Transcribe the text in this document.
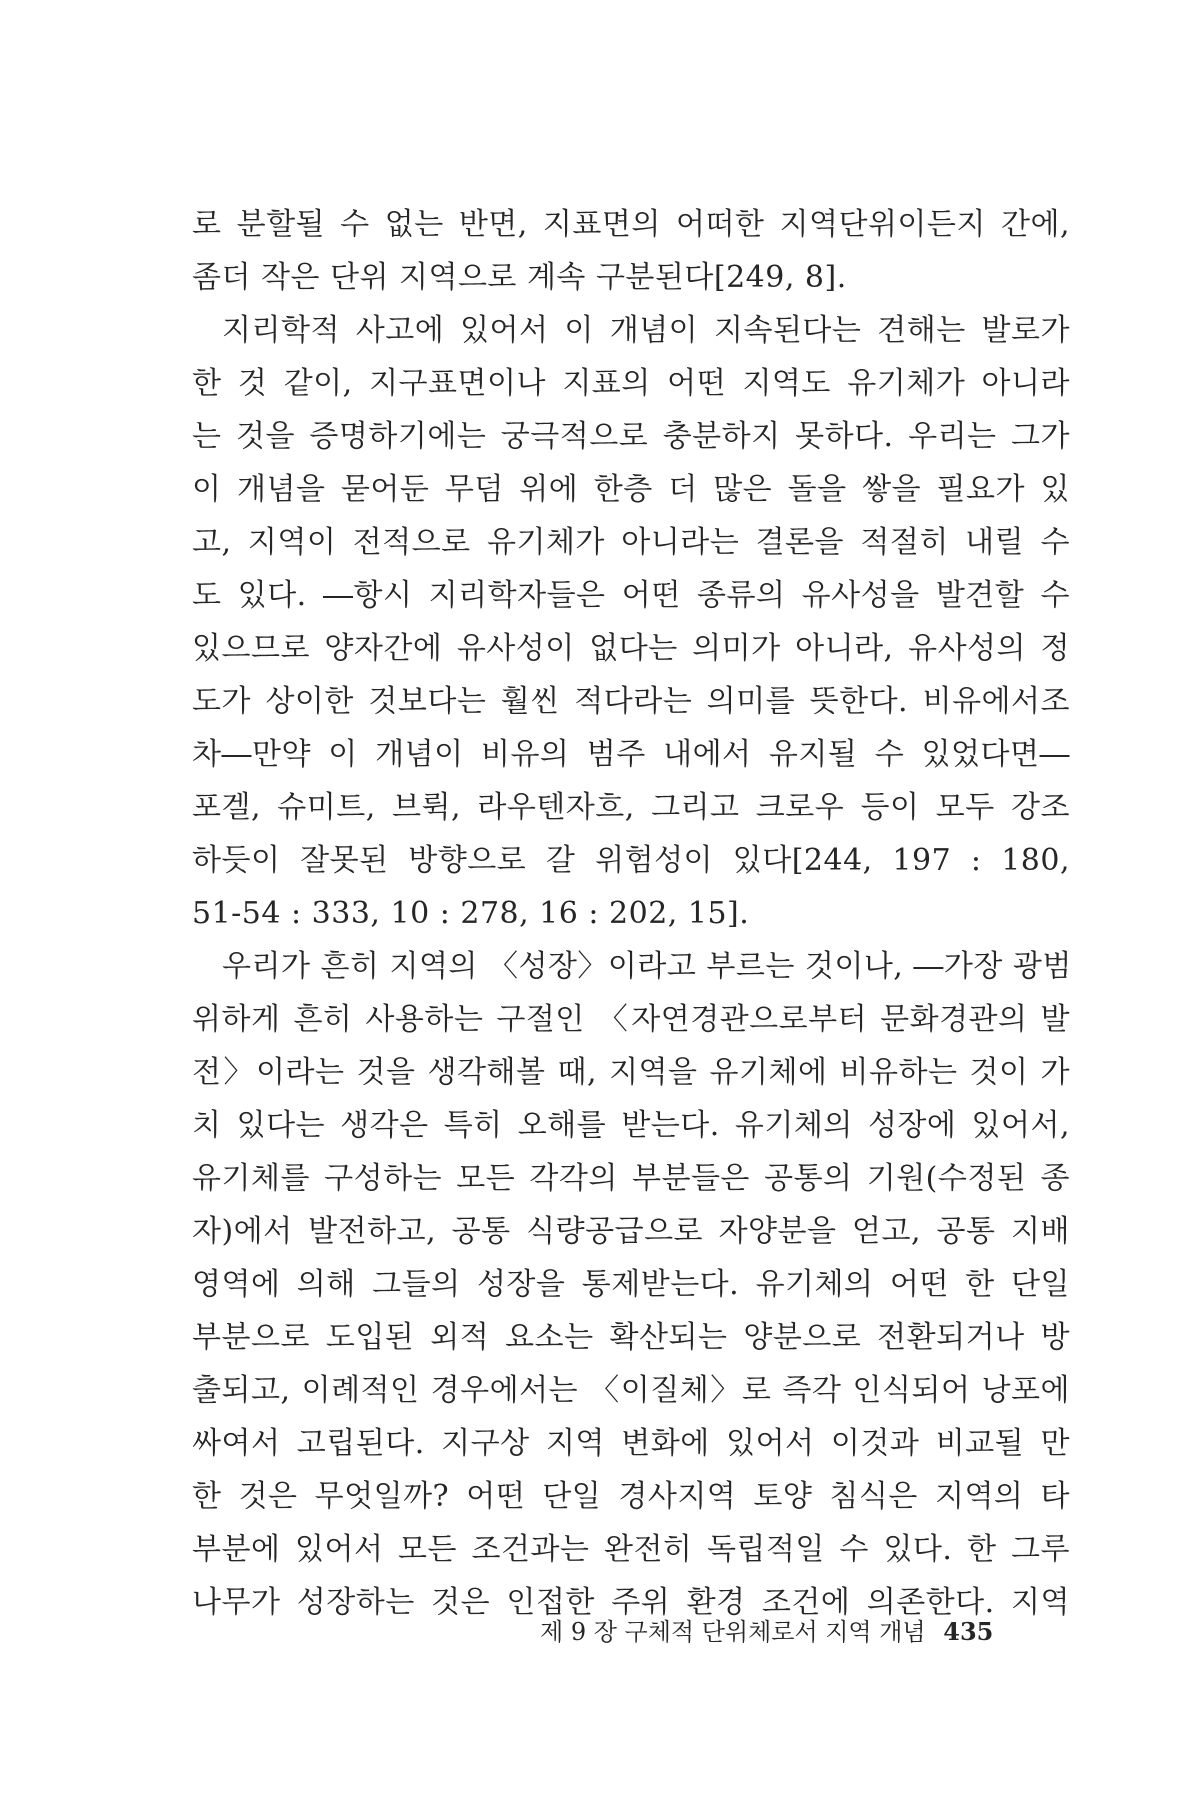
로 분할될 수 없는 반면, 지표면의 어떠한 지역단위이든지 간에,
좀더 작은 단위 지역으로 계속 구분된다[249, 8].
지리학적 사고에 있어서 이 개념이 지속된다는 견해는 발로가
한 것 같이, 지구표면이나 지표의 어떤 지역도 유기체가 아니라
는 것을 증명하기에는 궁극적으로 충분하지 못하다. 우리는 그가
이 개념을 묻어둔 무덤 위에 한층 더 많은 돌을 쌓을 필요가 있
고, 지역이 전적으로 유기체가 아니라는 결론을 적절히 내릴 수
도 있다. ―항시 지리학자들은 어떤 종류의 유사성을 발견할 수
있으므로 양자간에 유사성이 없다는 의미가 아니라, 유사성의 정
도가 상이한 것보다는 훨씬 적다라는 의미를 뜻한다. 비유에서조
차―만약 이 개념이 비유의 범주 내에서 유지될 수 있었다면―
포겔, 슈미트, 브뤽, 라우텐자흐, 그리고 크로우 등이 모두 강조
하듯이 잘못된 방향으로 갈 위험성이 있다[244, 197 : 180,
51-54 : 333, 10 : 278, 16 : 202, 15].
우리가 흔히 지역의 〈성장〉이라고 부르는 것이나, ―가장 광범
위하게 흔히 사용하는 구절인 〈자연경관으로부터 문화경관의 발
전〉이라는 것을 생각해볼 때, 지역을 유기체에 비유하는 것이 가
치 있다는 생각은 특히 오해를 받는다. 유기체의 성장에 있어서,
유기체를 구성하는 모든 각각의 부분들은 공통의 기원(수정된 종
자)에서 발전하고, 공통 식량공급으로 자양분을 얻고, 공통 지배
영역에 의해 그들의 성장을 통제받는다. 유기체의 어떤 한 단일
부분으로 도입된 외적 요소는 확산되는 양분으로 전환되거나 방
출되고, 이례적인 경우에서는 〈이질체〉로 즉각 인식되어 낭포에
싸여서 고립된다. 지구상 지역 변화에 있어서 이것과 비교될 만
한 것은 무엇일까? 어떤 단일 경사지역 토양 침식은 지역의 타
부분에 있어서 모든 조건과는 완전히 독립적일 수 있다. 한 그루
나무가 성장하는 것은 인접한 주위 환경 조건에 의존한다. 지역
제 9 장 구체적 단위체로서 지역 개념 435
